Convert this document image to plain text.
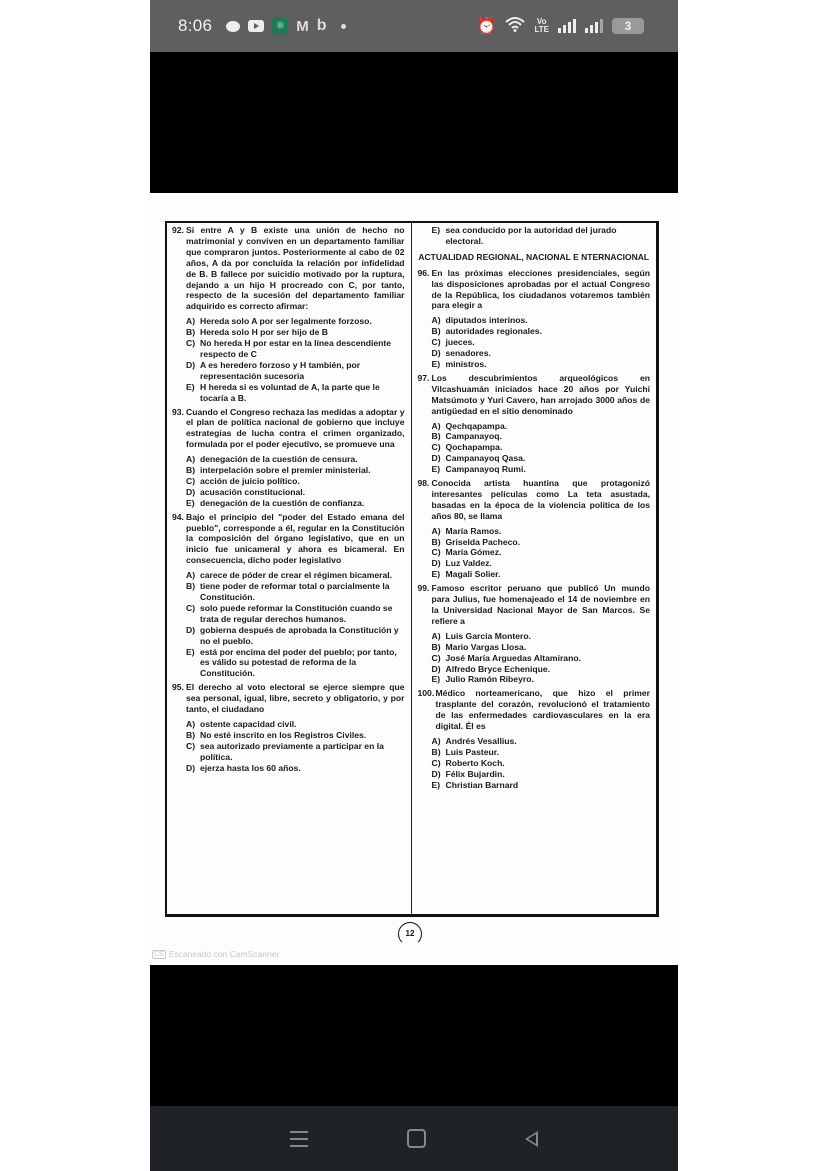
8:06	⚛ M b	⏰	Vo
LTE	3
92. Si entre A y B existe una unión de hecho no matrimonial y conviven en un departamento familiar que compraron juntos. Posteriormente al cabo de 02 años, A da por concluída la relación por infidelidad de B. B fallece por suicidio motivado por la ruptura, dejando a un hijo H procreado con C, por tanto, respecto de la sucesión del departamento familiar adquirido es correcto afirmar:
A) Hereda solo A por ser legalmente forzoso.
B) Hereda solo H por ser hijo de B
C) No hereda H por estar en la línea descendiente respecto de C
D) A es heredero forzoso y H también, por representación sucesoria
E) H hereda si es voluntad de A, la parte que le tocaría a B.
93. Cuando el Congreso rechaza las medidas a adoptar y el plan de política nacional de gobierno que incluye estrategias de lucha contra el crimen organizado, formulada por el poder ejecutivo, se promueve una
A) denegación de la cuestión de censura.
B) interpelación sobre el premier ministerial.
C) acción de juicio político.
D) acusación constitucional.
E) denegación de la cuestión de confianza.
94. Bajo el principio del "poder del Estado emana del pueblo", corresponde a él, regular en la Constitución la composición del órgano legislativo, que en un inicio fue unicameral y ahora es bicameral. En consecuencia, dicho poder legislativo
A) carece de póder de crear el régimen bicameral.
B) tiene poder de reformar total o parcialmente la Constitución.
C) solo puede reformar la Constitución cuando se trata de regular derechos humanos.
D) gobierna después de aprobada la Constitución y no el pueblo.
E) está por encima del poder del pueblo; por tanto, es válido su potestad de reforma de la Constitución.
95. El derecho al voto electoral se ejerce siempre que sea personal, igual, libre, secreto y obligatorio, y por tanto, el ciudadano
A) ostente capacidad civil.
B) No esté inscrito en los Registros Civiles.
C) sea autorizado previamente a participar en la política.
D) ejerza hasta los 60 años.
E) sea conducido por la autoridad del jurado electoral.
ACTUALIDAD REGIONAL, NACIONAL E NTERNACIONAL
96. En las próximas elecciones presidenciales, según las disposiciones aprobadas por el actual Congreso de la República, los ciudadanos votaremos también para elegir a
A) diputados interinos.
B) autoridades regionales.
C) jueces.
D) senadores.
E) ministros.
97. Los descubrimientos arqueológicos en Vilcashuamán iniciados hace 20 años por Yuichi Matsúmoto y Yuri Cavero, han arrojado 3000 años de antigüedad en el sitio denominado
A) Qechqapampa.
B) Campanayoq.
C) Qochapampa.
D) Campanayoq Qasa.
E) Campanayoq Rumi.
98. Conocida artista huantina que protagonizó interesantes películas como La teta asustada, basadas en la época de la violencia política de los años 80, se llama
A) María Ramos.
B) Griselda Pacheco.
C) María Gómez.
D) Luz Valdez.
E) Magali Solier.
99. Famoso escritor peruano que publicó Un mundo para Julius, fue homenajeado el 14 de noviembre en la Universidad Nacional Mayor de San Marcos. Se refiere a
A) Luis García Montero.
B) Mario Vargas Llosa.
C) José María Arguedas Altamirano.
D) Alfredo Bryce Echenique.
E) Julio Ramón Ribeyro.
100. Médico norteamericano, que hizo el primer trasplante del corazón, revolucionó el tratamiento de las enfermedades cardiovasculares en la era digital. Él es
A) Andrés Vesallius.
B) Luis Pasteur.
C) Roberto Koch.
D) Félix Bujardin.
E) Christian Barnard
12
CS Escaneado con CamScanner
